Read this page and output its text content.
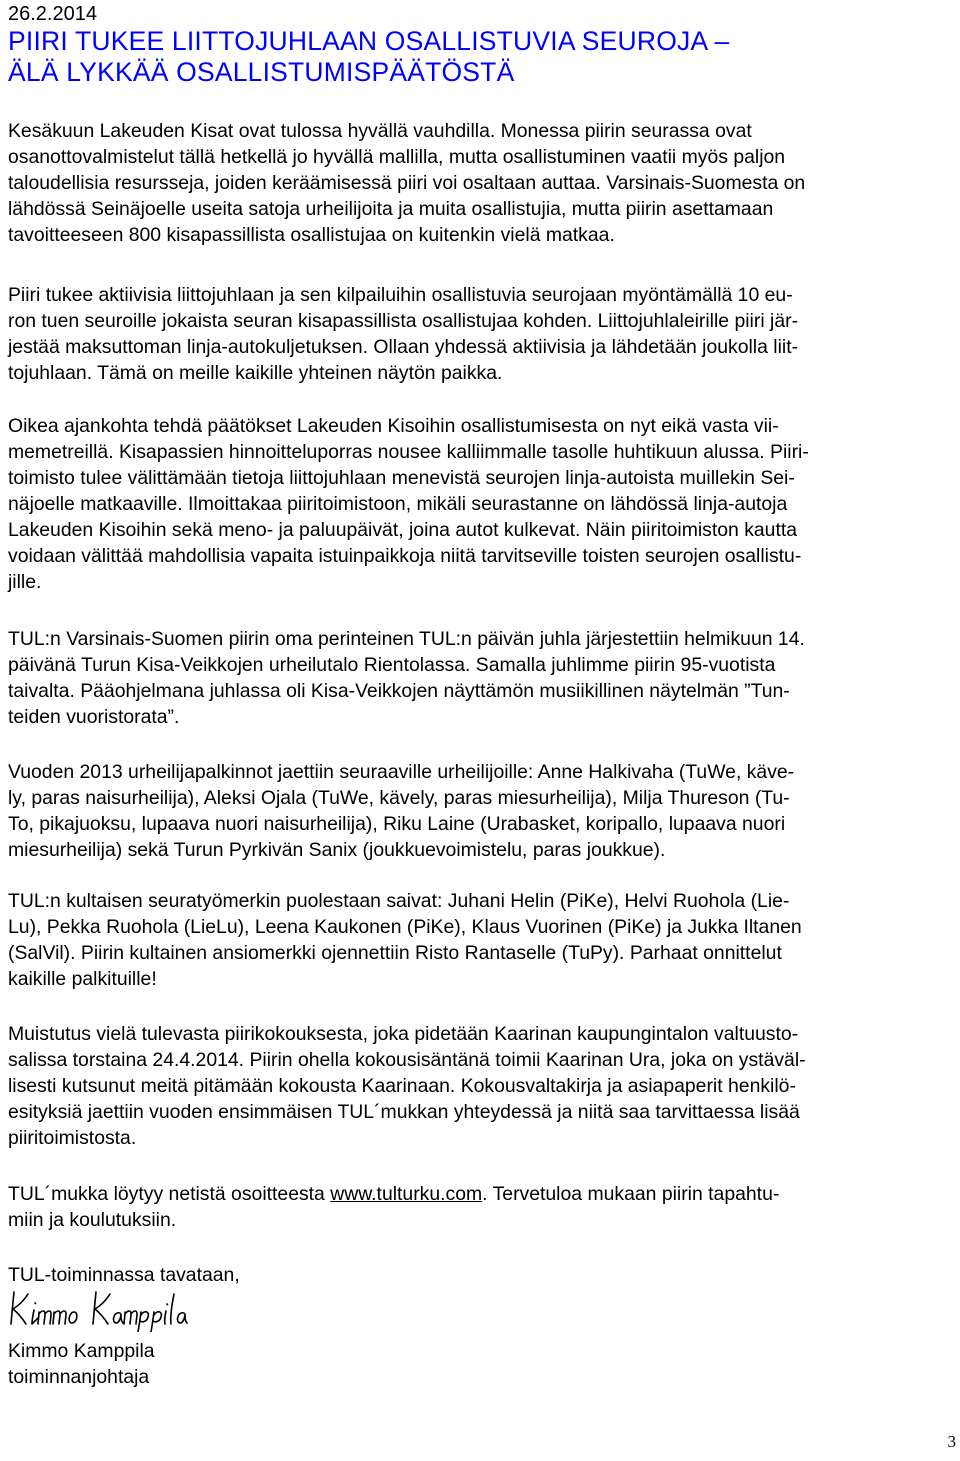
26.2.2014

PIIRI TUKEE LIITTOJUHLAAN OSALLISTUVIA SEUROJA –
ÄLÄ LYKKÄÄ OSALLISTUMISPÄÄTÖSTÄ

Kesäkuun Lakeuden Kisat ovat tulossa hyvällä vauhdilla. Monessa piirin seurassa ovat
osanottovalmistelut tällä hetkellä jo hyvällä mallilla, mutta osallistuminen vaatii myös paljon
taloudellisia resursseja, joiden keräämisessä piiri voi osaltaan auttaa. Varsinais-Suomesta on
lähdössä Seinäjoelle useita satoja urheilijoita ja muita osallistujia, mutta piirin asettamaan
tavoitteeseen 800 kisapassillista osallistujaa on kuitenkin vielä matkaa.

Piiri tukee aktiivisia liittojuhlaan ja sen kilpailuihin osallistuvia seurojaan myöntämällä 10 eu-
ron tuen seuroille jokaista seuran kisapassillista osallistujaa kohden. Liittojuhlaleirille piiri jär-
jestää maksuttoman linja-autokuljetuksen. Ollaan yhdessä aktiivisia ja lähdetään joukolla liit-
tojuhlaan. Tämä on meille kaikille yhteinen näytön paikka.

Oikea ajankohta tehdä päätökset Lakeuden Kisoihin osallistumisesta on nyt eikä vasta vii-
memetreillä. Kisapassien hinnoitteluporras nousee kalliimmalle tasolle huhtikuun alussa. Piiri-
toimisto tulee välittämään tietoja liittojuhlaan menevistä seurojen linja-autoista muillekin Sei-
näjoelle matkaaville. Ilmoittakaa piiritoimistoon, mikäli seurastanne on lähdössä linja-autoja
Lakeuden Kisoihin sekä meno- ja paluupäivät, joina autot kulkevat. Näin piiritoimiston kautta
voidaan välittää mahdollisia vapaita istuinpaikkoja niitä tarvitseville toisten seurojen osallistu-
jille.

TUL:n Varsinais-Suomen piirin oma perinteinen TUL:n päivän juhla järjestettiin helmikuun 14.
päivänä Turun Kisa-Veikkojen urheilutalo Rientolassa. Samalla juhlimme piirin 95-vuotista
taivalta. Pääohjelmana juhlassa oli Kisa-Veikkojen näyttämön musiikillinen näytelmän ”Tun-
teiden vuoristorata”.

Vuoden 2013 urheilijapalkinnot jaettiin seuraaville urheilijoille: Anne Halkivaha (TuWe, käve-
ly, paras naisurheilija), Aleksi Ojala (TuWe, kävely, paras miesurheilija), Milja Thureson (Tu-
To, pikajuoksu, lupaava nuori naisurheilija), Riku Laine (Urabasket, koripallo, lupaava nuori
miesurheilija) sekä Turun Pyrkivän Sanix (joukkuevoimistelu, paras joukkue).

TUL:n kultaisen seuratyömerkin puolestaan saivat: Juhani Helin (PiKe), Helvi Ruohola (Lie-
Lu), Pekka Ruohola (LieLu), Leena Kaukonen (PiKe), Klaus Vuorinen (PiKe) ja Jukka Iltanen
(SalVil). Piirin kultainen ansiomerkki ojennettiin Risto Rantaselle (TuPy). Parhaat onnittelut
kaikille palkituille!

Muistutus vielä tulevasta piirikokouksesta, joka pidetään Kaarinan kaupungintalon valtuusto-
salissa torstaina 24.4.2014. Piirin ohella kokousisäntänä toimii Kaarinan Ura, joka on ystäväl-
lisesti kutsunut meitä pitämään kokousta Kaarinaan. Kokousvaltakirja ja asiapaperit henkilö-
esityksiä jaettiin vuoden ensimmäisen TUL´mukkan yhteydessä ja niitä saa tarvittaessa lisää
piiritoimistosta.

TUL´mukka löytyy netistä osoitteesta www.tulturku.com. Tervetuloa mukaan piirin tapahtu-
miin ja koulutuksiin.

TUL-toiminnassa tavataan,

Kimmo Kamppila

toiminnanjohtaja

3
